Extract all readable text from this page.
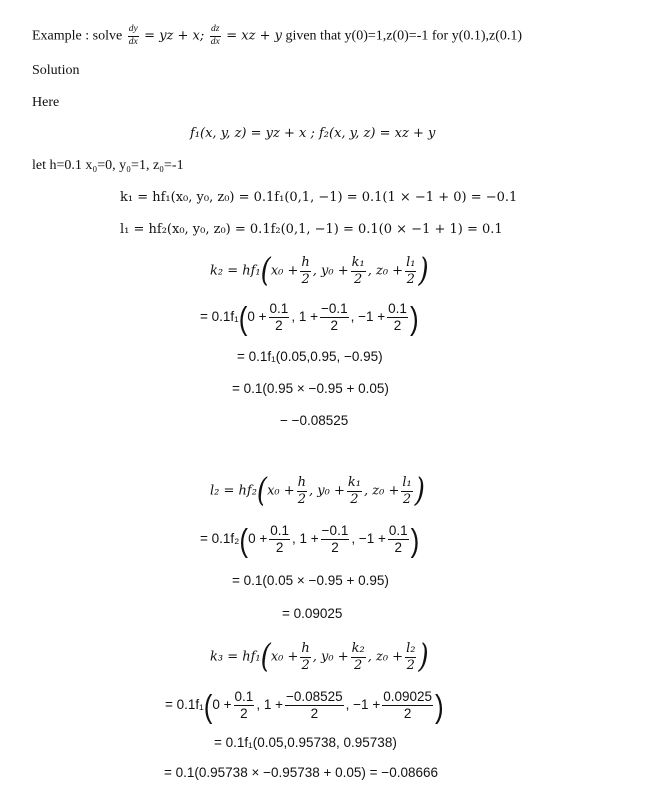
Example : solve $\frac{dy}{dx}$ = yz + x; $\frac{dz}{dx}$ = xz + y given that y(0)=1,z(0)=-1 for y(0.1),z(0.1)
Solution
Here
f₁(x, y, z) = yz + x ; f₂(x, y, z) = xz + y
let h=0.1 x₀=0, y₀=1, z₀=-1
k₁ = hf₁(x₀, y₀, z₀) = 0.1f₁(0,1, −1) = 0.1(1 × −1 + 0) = −0.1
l₁ = hf₂(x₀, y₀, z₀) = 0.1f₂(0,1, −1) = 0.1(0 × −1 + 1) = 0.1
$k_2 = hf_1(x_0 + \frac{h}{2}$ , $y_0 + \frac{\text{k₁}}{2}$ , $z_0 + \frac{\text{l₁}}{2}$ )
= $0.1f_1(0 + \frac{0.1}{2}$ , $1 + \frac{-0.1}{2}$ , $-1 + \frac{0.1}{2}$ )
= 0.1f₁(0.05,0.95, −0.95)
= 0.1(0.95 × −0.95 + 0.05)
− −0.08525
$l_2 = hf_2(x_0 + \frac{h}{2}$ , $y_0 + \frac{\text{k₁}}{2}$ , $z_0 + \frac{\text{l₁}}{2}$ )
= $0.1f_2(0 + \frac{0.1}{2}$ , $1 + \frac{-0.1}{2}$ , $-1 + \frac{0.1}{2}$ )
= 0.1(0.05 × −0.95 + 0.95)
= 0.09025
$k_3 = hf_1(x_0 + \frac{h}{2}$ , $y_0 + \frac{\text{k₂}}{2}$ , $z_0 + \frac{\text{l₂}}{2}$ )
= $0.1f_1(0 + \frac{0.1}{2}$ , $1 + \frac{-0.08525}{2}$ , $-1 + \frac{0.09025}{2}$ )
= 0.1f₁(0.05,0.95738, 0.95738)
= 0.1(0.95738 × −0.95738 + 0.05) = −0.08666
